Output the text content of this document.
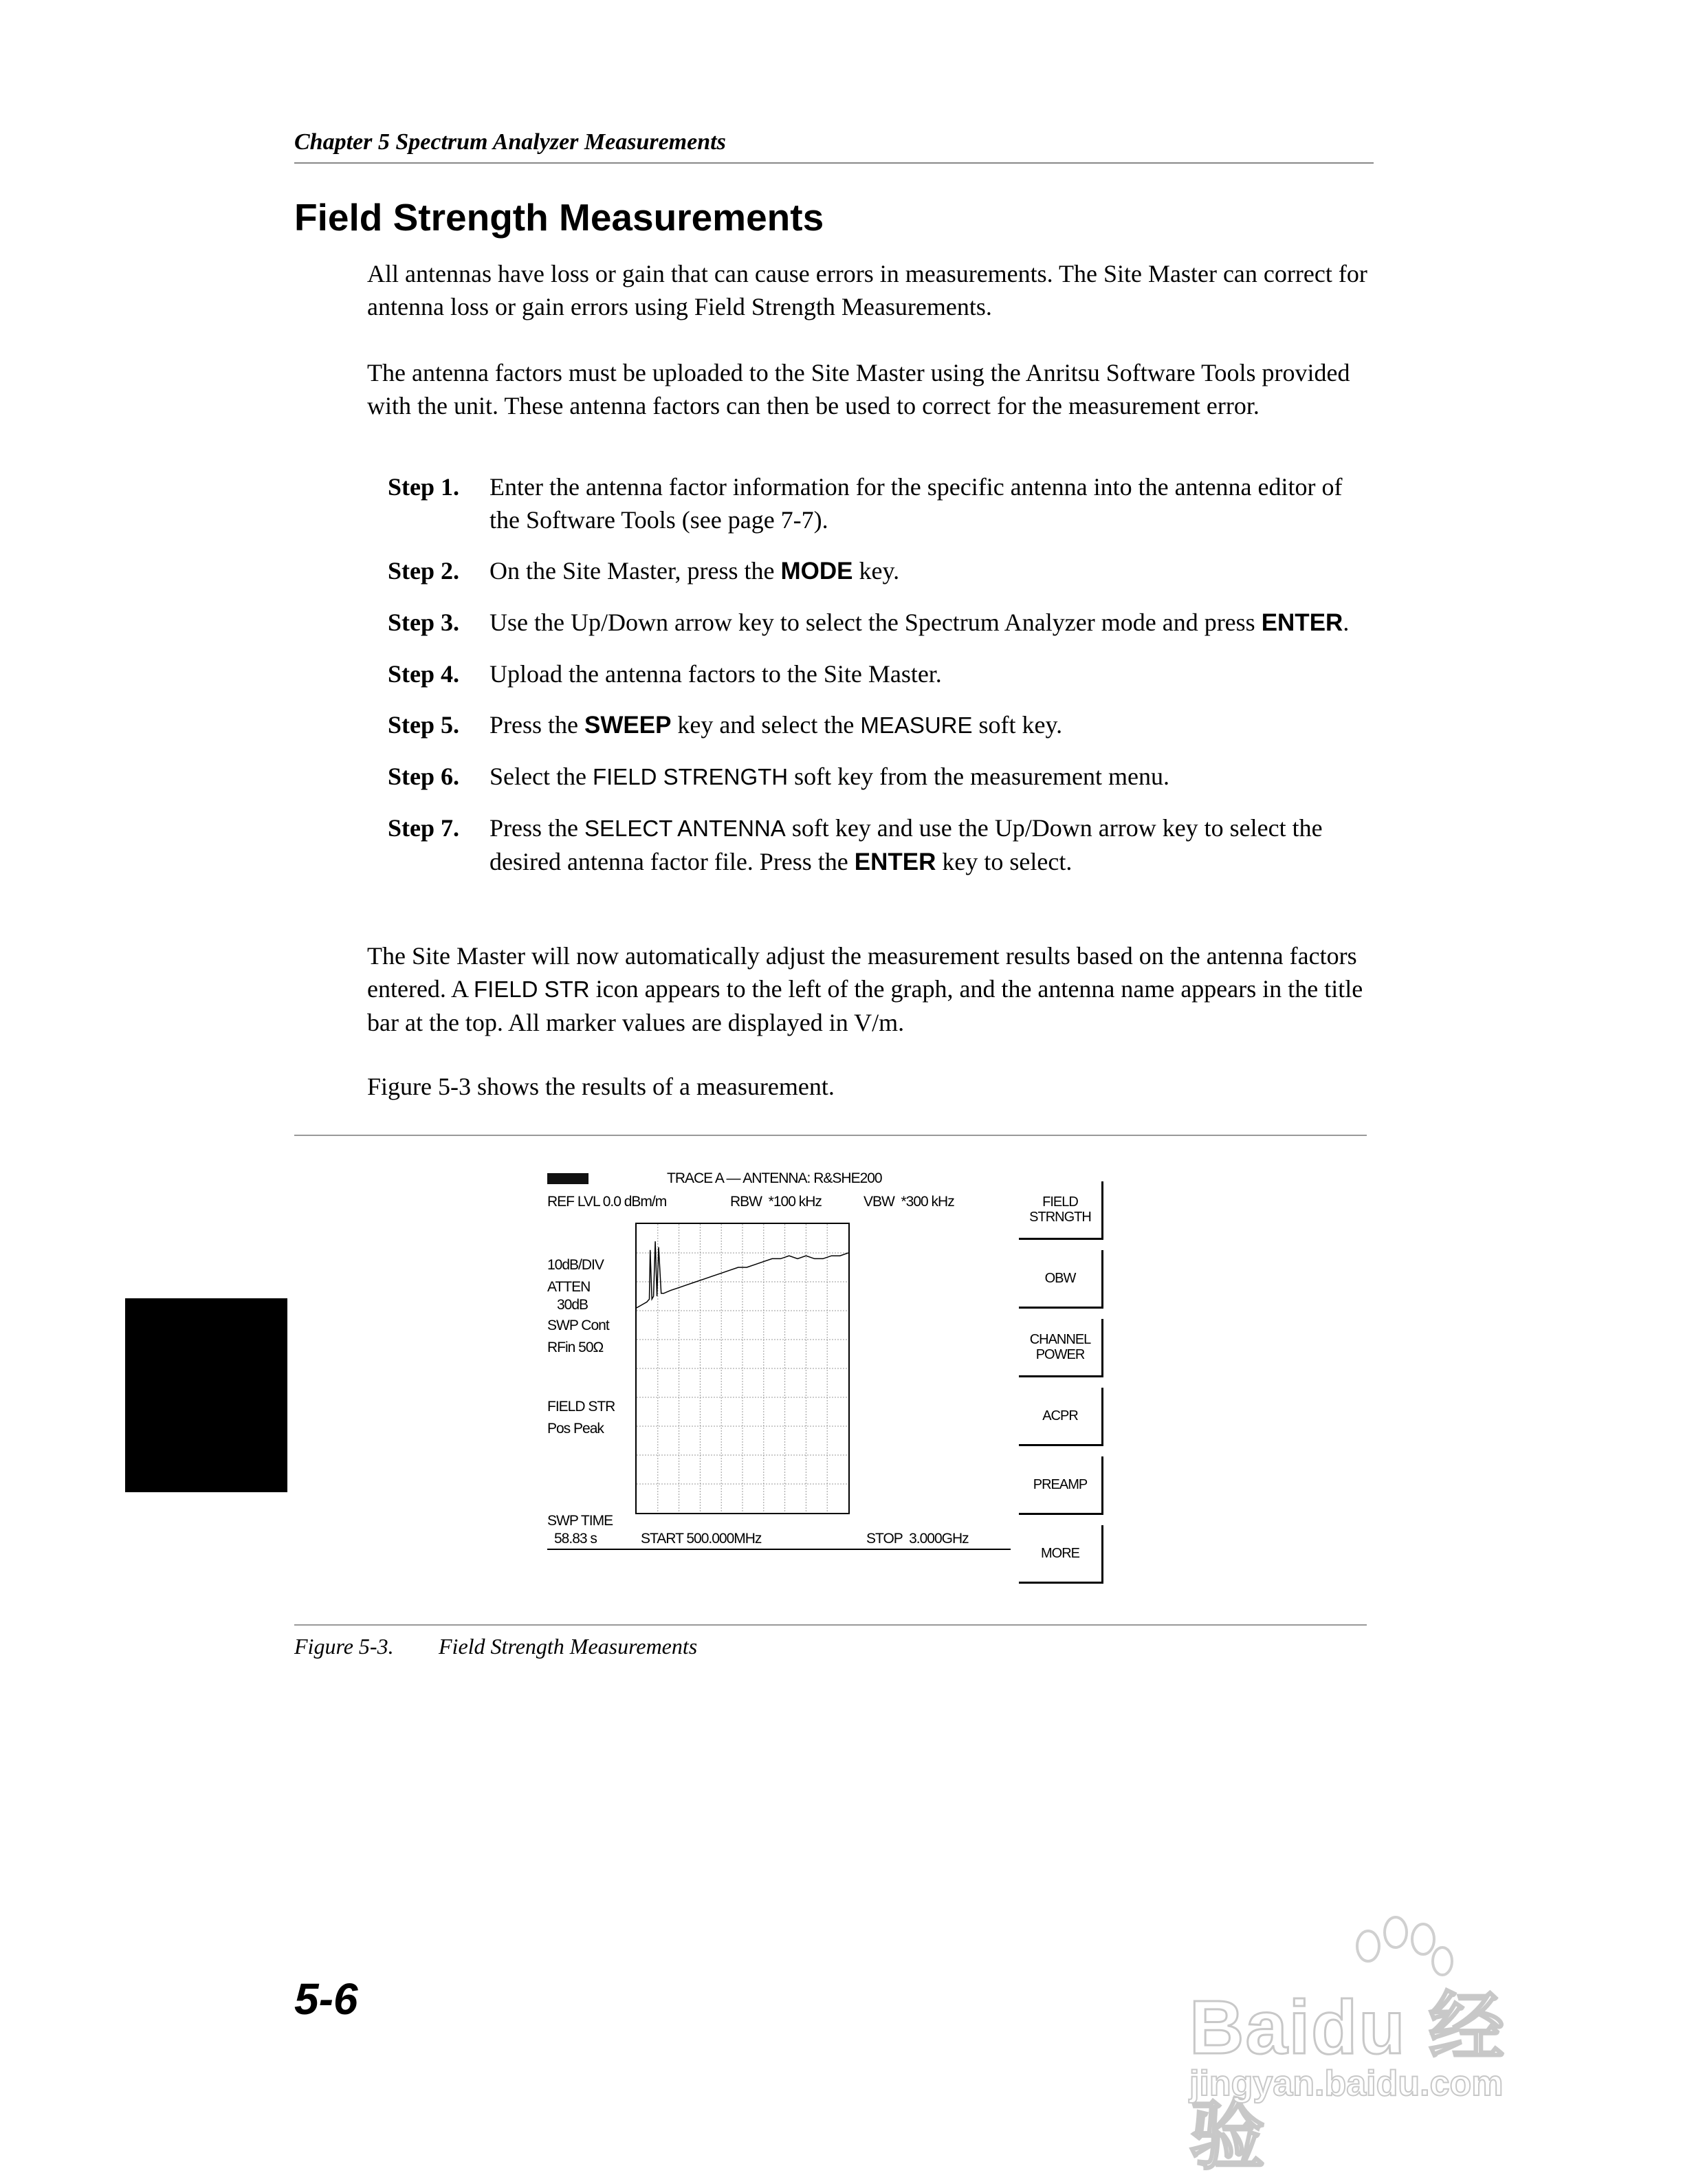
Chapter 5 Spectrum Analyzer Measurements
Field Strength Measurements
All antennas have loss or gain that can cause errors in measurements. The Site Master can correct for antenna loss or gain errors using Field Strength Measurements.
The antenna factors must be uploaded to the Site Master using the Anritsu Software Tools provided with the unit. These antenna factors can then be used to correct for the measurement error.
Step 1.	Enter the antenna factor information for the specific antenna into the antenna editor of the Software Tools (see page 7-7).
Step 2.	On the Site Master, press the MODE key.
Step 3.	Use the Up/Down arrow key to select the Spectrum Analyzer mode and press ENTER.
Step 4.	Upload the antenna factors to the Site Master.
Step 5.	Press the SWEEP key and select the MEASURE soft key.
Step 6.	Select the FIELD STRENGTH soft key from the measurement menu.
Step 7.	Press the SELECT ANTENNA soft key and use the Up/Down arrow key to select the desired antenna factor file. Press the ENTER key to select.
The Site Master will now automatically adjust the measurement results based on the antenna factors entered. A FIELD STR icon appears to the left of the graph, and the antenna name appears in the title bar at the top. All marker values are displayed in V/m.
Figure 5-3 shows the results of a measurement.
TRACE A — ANTENNA: R&SHE200
REF LVL 0.0 dBm/m	RBW  *100 kHz	VBW  *300 kHz
10dB/DIV
ATTEN
30dB
SWP Cont
RFin 50Ω
FIELD STR
Pos Peak
SWP TIME
58.83 s	START 500.000MHz	STOP  3.000GHz
FIELD
STRNGTH
OBW
CHANNEL
POWER
ACPR
PREAMP
MORE
Figure 5-3. Field Strength Measurements
5-6	Baidu 经验
jingyan.baidu.com
